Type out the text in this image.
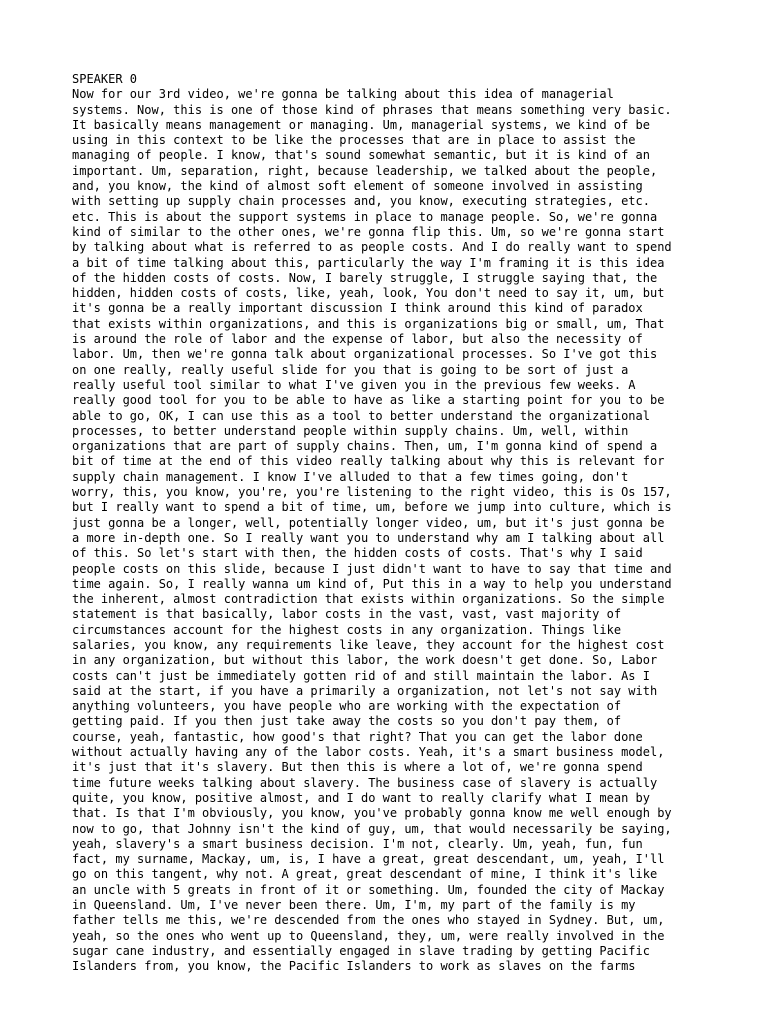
SPEAKER 0
Now for our 3rd video, we're gonna be talking about this idea of managerial
systems. Now, this is one of those kind of phrases that means something very basic.
It basically means management or managing. Um, managerial systems, we kind of be
using in this context to be like the processes that are in place to assist the
managing of people. I know, that's sound somewhat semantic, but it is kind of an
important. Um, separation, right, because leadership, we talked about the people,
and, you know, the kind of almost soft element of someone involved in assisting
with setting up supply chain processes and, you know, executing strategies, etc.
etc. This is about the support systems in place to manage people. So, we're gonna
kind of similar to the other ones, we're gonna flip this. Um, so we're gonna start
by talking about what is referred to as people costs. And I do really want to spend
a bit of time talking about this, particularly the way I'm framing it is this idea
of the hidden costs of costs. Now, I barely struggle, I struggle saying that, the
hidden, hidden costs of costs, like, yeah, look, You don't need to say it, um, but
it's gonna be a really important discussion I think around this kind of paradox
that exists within organizations, and this is organizations big or small, um, That
is around the role of labor and the expense of labor, but also the necessity of
labor. Um, then we're gonna talk about organizational processes. So I've got this
on one really, really useful slide for you that is going to be sort of just a
really useful tool similar to what I've given you in the previous few weeks. A
really good tool for you to be able to have as like a starting point for you to be
able to go, OK, I can use this as a tool to better understand the organizational
processes, to better understand people within supply chains. Um, well, within
organizations that are part of supply chains. Then, um, I'm gonna kind of spend a
bit of time at the end of this video really talking about why this is relevant for
supply chain management. I know I've alluded to that a few times going, don't
worry, this, you know, you're, you're listening to the right video, this is Os 157,
but I really want to spend a bit of time, um, before we jump into culture, which is
just gonna be a longer, well, potentially longer video, um, but it's just gonna be
a more in-depth one. So I really want you to understand why am I talking about all
of this. So let's start with then, the hidden costs of costs. That's why I said
people costs on this slide, because I just didn't want to have to say that time and
time again. So, I really wanna um kind of, Put this in a way to help you understand
the inherent, almost contradiction that exists within organizations. So the simple
statement is that basically, labor costs in the vast, vast, vast majority of
circumstances account for the highest costs in any organization. Things like
salaries, you know, any requirements like leave, they account for the highest cost
in any organization, but without this labor, the work doesn't get done. So, Labor
costs can't just be immediately gotten rid of and still maintain the labor. As I
said at the start, if you have a primarily a organization, not let's not say with
anything volunteers, you have people who are working with the expectation of
getting paid. If you then just take away the costs so you don't pay them, of
course, yeah, fantastic, how good's that right? That you can get the labor done
without actually having any of the labor costs. Yeah, it's a smart business model,
it's just that it's slavery. But then this is where a lot of, we're gonna spend
time future weeks talking about slavery. The business case of slavery is actually
quite, you know, positive almost, and I do want to really clarify what I mean by
that. Is that I'm obviously, you know, you've probably gonna know me well enough by
now to go, that Johnny isn't the kind of guy, um, that would necessarily be saying,
yeah, slavery's a smart business decision. I'm not, clearly. Um, yeah, fun, fun
fact, my surname, Mackay, um, is, I have a great, great descendant, um, yeah, I'll
go on this tangent, why not. A great, great descendant of mine, I think it's like
an uncle with 5 greats in front of it or something. Um, founded the city of Mackay
in Queensland. Um, I've never been there. Um, I'm, my part of the family is my
father tells me this, we're descended from the ones who stayed in Sydney. But, um,
yeah, so the ones who went up to Queensland, they, um, were really involved in the
sugar cane industry, and essentially engaged in slave trading by getting Pacific
Islanders from, you know, the Pacific Islanders to work as slaves on the farms
